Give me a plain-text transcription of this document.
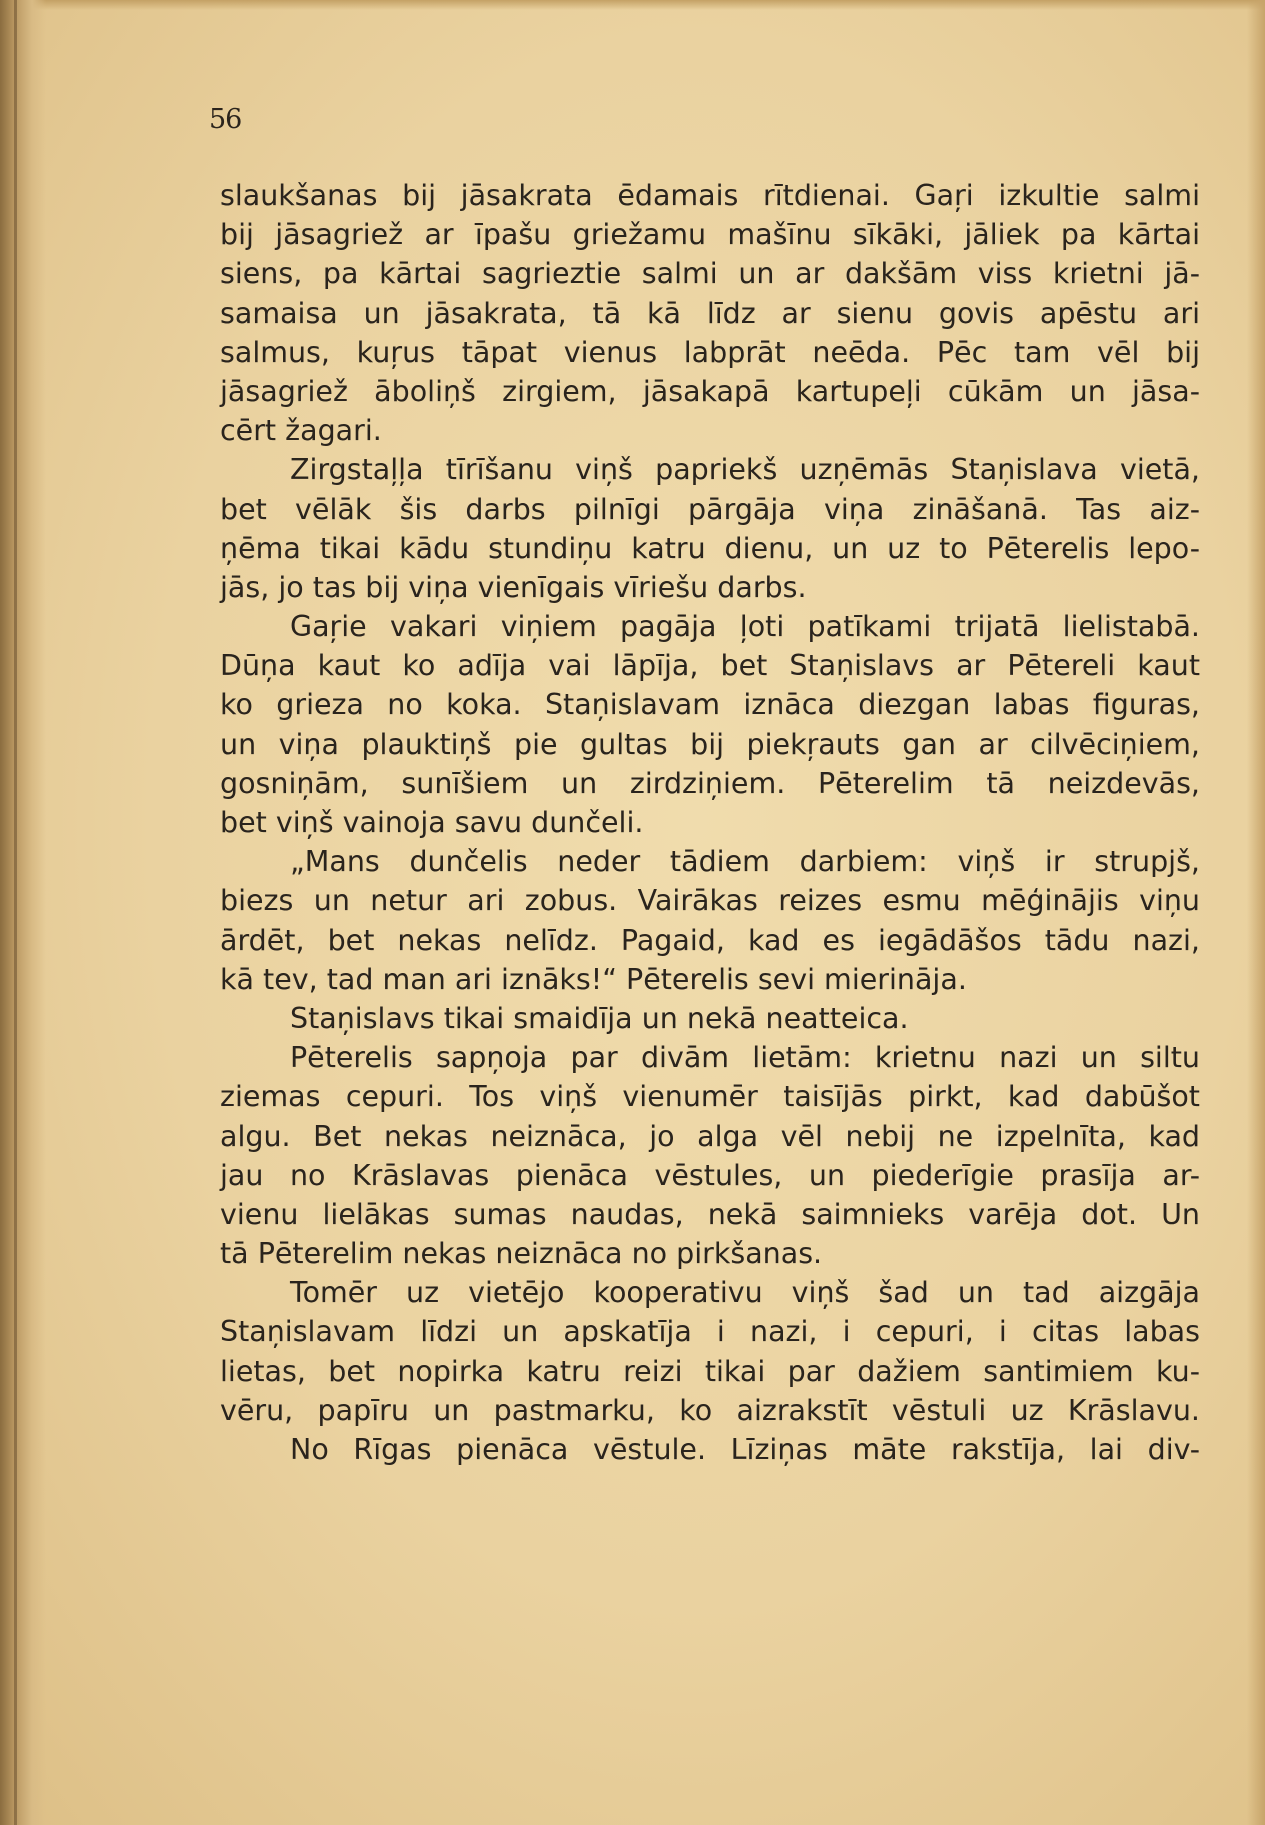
56
slaukšanas bij jāsakrata ēdamais rītdienai. Gaŗi izkultie salmi
bij jāsagriež ar īpašu griežamu mašīnu sīkāki, jāliek pa kārtai
siens, pa kārtai sagrieztie salmi un ar dakšām viss krietni jā-
samaisa un jāsakrata, tā kā līdz ar sienu govis apēstu ari
salmus, kuŗus tāpat vienus labprāt neēda. Pēc tam vēl bij
jāsagriež āboliņš zirgiem, jāsakapā kartupeļi cūkām un jāsa-
cērt žagari.
Zirgstaļļa tīrīšanu viņš papriekš uzņēmās Staņislava vietā,
bet vēlāk šis darbs pilnīgi pārgāja viņa zināšanā. Tas aiz-
ņēma tikai kādu stundiņu katru dienu, un uz to Pēterelis lepo-
jās, jo tas bij viņa vienīgais vīriešu darbs.
Gaŗie vakari viņiem pagāja ļoti patīkami trijatā lielistabā.
Dūņa kaut ko adīja vai lāpīja, bet Staņislavs ar Pētereli kaut
ko grieza no koka. Staņislavam iznāca diezgan labas figuras,
un viņa plauktiņš pie gultas bij piekŗauts gan ar cilvēciņiem,
gosniņām, sunīšiem un zirdziņiem. Pēterelim tā neizdevās,
bet viņš vainoja savu dunčeli.
„Mans dunčelis neder tādiem darbiem: viņš ir strupjš,
biezs un netur ari zobus. Vairākas reizes esmu mēģinājis viņu
ārdēt, bet nekas nelīdz. Pagaid, kad es iegādāšos tādu nazi,
kā tev, tad man ari iznāks!“ Pēterelis sevi mierināja.
Staņislavs tikai smaidīja un nekā neatteica.
Pēterelis sapņoja par divām lietām: krietnu nazi un siltu
ziemas cepuri. Tos viņš vienumēr taisījās pirkt, kad dabūšot
algu. Bet nekas neiznāca, jo alga vēl nebij ne izpelnīta, kad
jau no Krāslavas pienāca vēstules, un piederīgie prasīja ar-
vienu lielākas sumas naudas, nekā saimnieks varēja dot. Un
tā Pēterelim nekas neiznāca no pirkšanas.
Tomēr uz vietējo kooperativu viņš šad un tad aizgāja
Staņislavam līdzi un apskatīja i nazi, i cepuri, i citas labas
lietas, bet nopirka katru reizi tikai par dažiem santimiem ku-
vēru, papīru un pastmarku, ko aizrakstīt vēstuli uz Krāslavu.
No Rīgas pienāca vēstule. Līziņas māte rakstīja, lai div-
